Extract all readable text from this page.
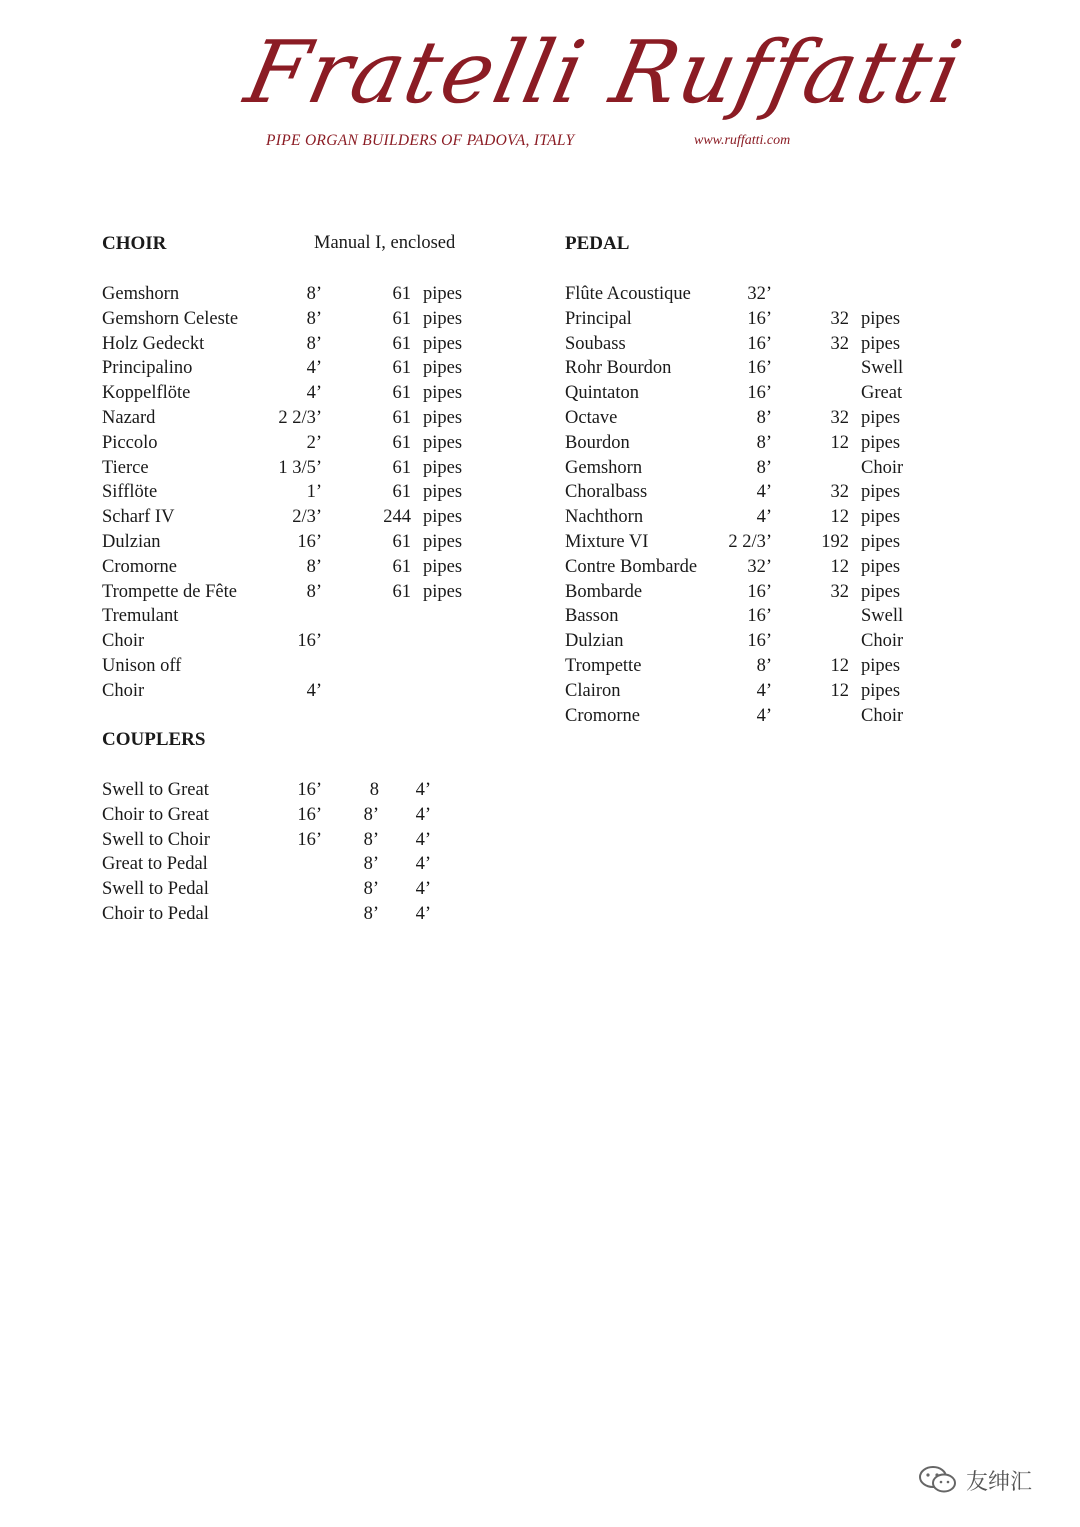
Fratelli Ruffatti
PIPE ORGAN BUILDERS OF PADOVA, ITALY	www.ruffatti.com
CHOIR	Manual I, enclosed	PEDAL
Gemshorn	8’	61 pipes
Gemshorn Celeste	8’	61 pipes
Holz Gedeckt	8’	61 pipes
Principalino	4’	61 pipes
Koppelflöte	4’	61 pipes
Nazard	2 2/3’	61 pipes
Piccolo	2’	61 pipes
Tierce	1 3/5’	61 pipes
Sifflöte	1’	61 pipes
Scharf IV	2/3’	244 pipes
Dulzian	16’	61 pipes
Cromorne	8’	61 pipes
Trompette de Fête	8’	61 pipes
Tremulant
Choir	16’
Unison off
Choir	4’
Flûte Acoustique	32’
Principal	16’	32 pipes
Soubass	16’	32 pipes
Rohr Bourdon	16’	Swell
Quintaton	16’	Great
Octave	8’	32 pipes
Bourdon	8’	12 pipes
Gemshorn	8’	Choir
Choralbass	4’	32 pipes
Nachthorn	4’	12 pipes
Mixture VI	2 2/3’	192 pipes
Contre Bombarde	32’	12 pipes
Bombarde	16’	32 pipes
Basson	16’	Swell
Dulzian	16’	Choir
Trompette	8’	12 pipes
Clairon	4’	12 pipes
Cromorne	4’	Choir
COUPLERS
Swell to Great	16’	8 4’
Choir to Great	16’ 8’ 4’
Swell to Choir	16’ 8’ 4’
Great to Pedal	8’ 4’
Swell to Pedal	8’ 4’
Choir to Pedal	8’ 4’
友绅汇
